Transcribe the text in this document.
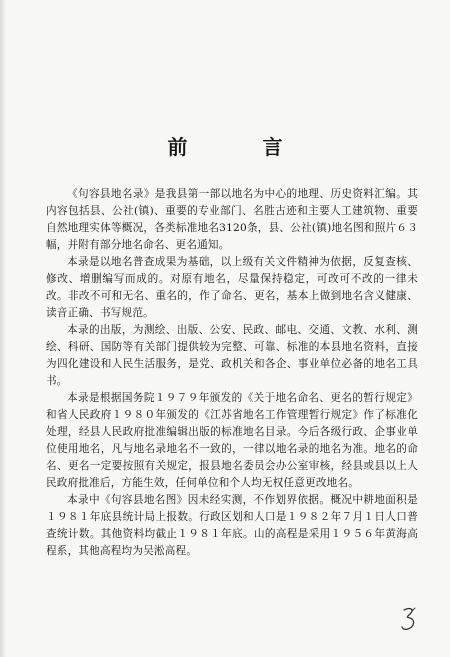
前 言

《句容县地名录》是我县第一部以地名为中心的地理、历史资料汇编。其内容包括县、公社(镇)、重要的专业部门、名胜古迹和主要人工建筑物、重要自然地理实体等概况，各类标准地名3120条，县、公社(镇)地名图和照片６３幅，并附有部分地名命名、更名通知。

本录是以地名普查成果为基础，以上级有关文件精神为依据，反复查核、修改、增删编写而成的。对原有地名，尽量保持稳定，可改可不改的一律未改。非改不可和无名、重名的，作了命名、更名，基本上做到地名含义健康、读音正确、书写规范。

本录的出版，为测绘、出版、公安、民政、邮电、交通、文教、水利、测绘、科研、国防等有关部门提供较为完整、可靠、标准的本县地名资料，直接为四化建设和人民生活服务，是党、政机关和各企、事业单位必备的地名工具书。

本录是根据国务院１９７９年颁发的《关于地名命名、更名的暂行规定》和省人民政府１９８０年颁发的《江苏省地名工作管理暂行规定》作了标准化处理，经县人民政府批准编辑出版的标准地名目录。今后各级行政、企事业单位使用地名，凡与地名录地名不一致的，一律以地名录的地名为准。地名的命名、更名一定要按照有关规定，报县地名委员会办公室审核，经县或县以上人民政府批准后，方能生效，任何单位和个人均无权任意更改地名。

本录中《句容县地名图》因未经实测，不作划界依据。概况中耕地面积是１９８１年底县统计局上报数。行政区划和人口是１９８２年７月１日人口普查统计数。其他资料均截止１９８１年底。山的高程是采用１９５６年黄海高程系，其他高程均为吴淞高程。
